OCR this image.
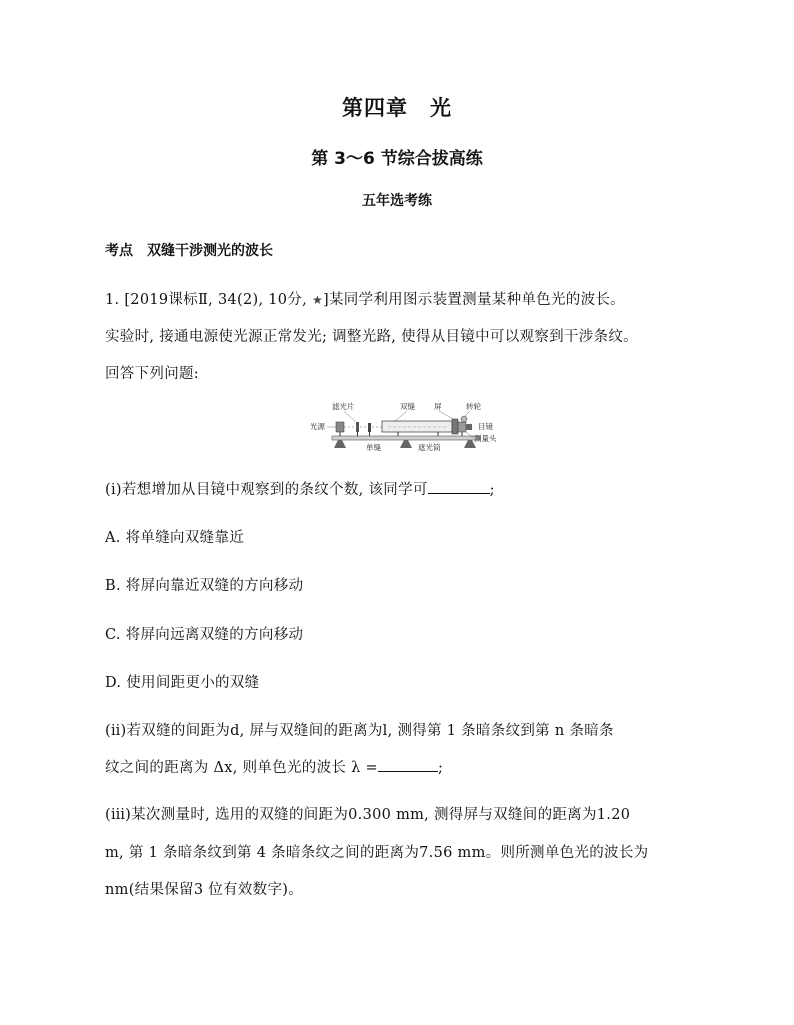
第四章　光
第 3～6 节综合拔高练
五年选考练
考点　双缝干涉测光的波长
1. [2019课标Ⅱ, 34(2), 10分, ★]某同学利用图示装置测量某种单色光的波长。
实验时, 接通电源使光源正常发光; 调整光路, 使得从目镜中可以观察到干涉条纹。
回答下列问题:
滤光片	双缝	屏	转轮
光源	目镜
测量头
单缝	遮光筒
(ⅰ)若想增加从目镜中观察到的条纹个数, 该同学可	;
A. 将单缝向双缝靠近
B. 将屏向靠近双缝的方向移动
C. 将屏向远离双缝的方向移动
D. 使用间距更小的双缝
(ⅱ)若双缝的间距为d, 屏与双缝间的距离为l, 测得第 1 条暗条纹到第 n 条暗条
纹之间的距离为 Δx, 则单色光的波长 λ =	;
(ⅲ)某次测量时, 选用的双缝的间距为0.300 mm, 测得屏与双缝间的距离为1.20
m, 第 1 条暗条纹到第 4 条暗条纹之间的距离为7.56 mm。则所测单色光的波长为
nm(结果保留3 位有效数字)。
